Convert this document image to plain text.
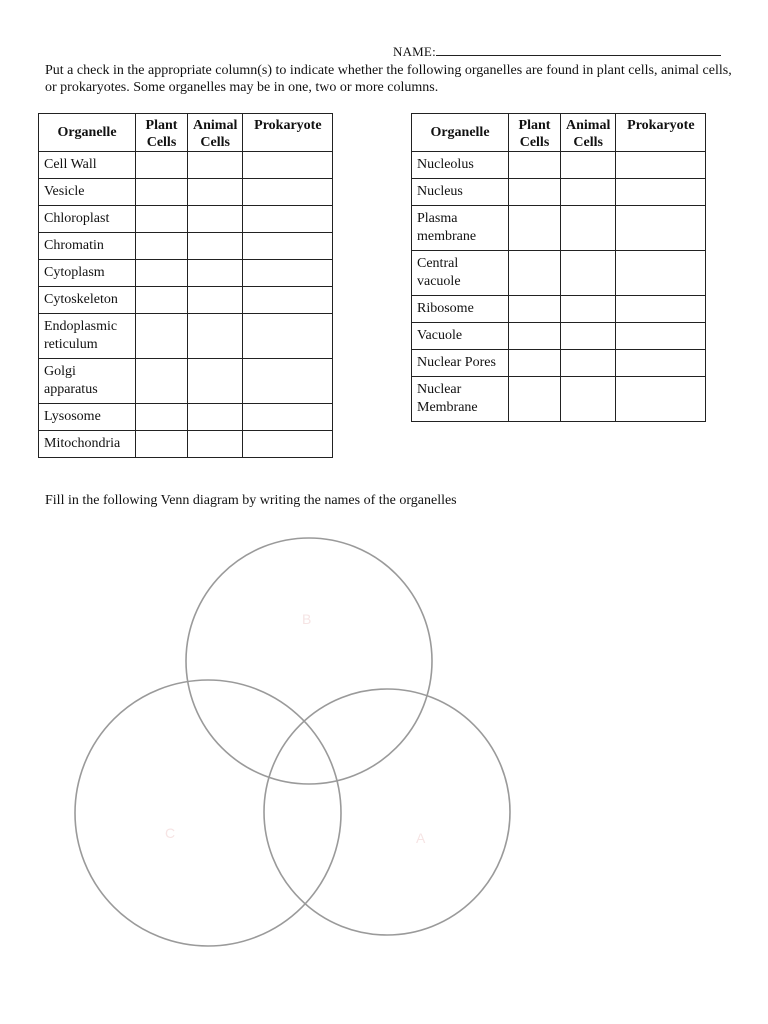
NAME:
Put a check in the appropriate column(s) to indicate whether the following organelles are found in plant cells, animal cells, or prokaryotes. Some organelles may be in one, two or more columns.
Organelle	Plant Cells	Animal Cells	Prokaryote
Cell Wall			
Vesicle			
Chloroplast			
Chromatin			
Cytoplasm			
Cytoskeleton			
Endoplasmic reticulum			
Golgi apparatus			
Lysosome			
Mitochondria			
Organelle	Plant Cells	Animal Cells	Prokaryote
Nucleolus			
Nucleus			
Plasma membrane			
Central vacuole			
Ribosome			
Vacuole			
Nuclear Pores			
Nuclear Membrane			
Fill in the following Venn diagram by writing the names of the organelles
B
C	A
